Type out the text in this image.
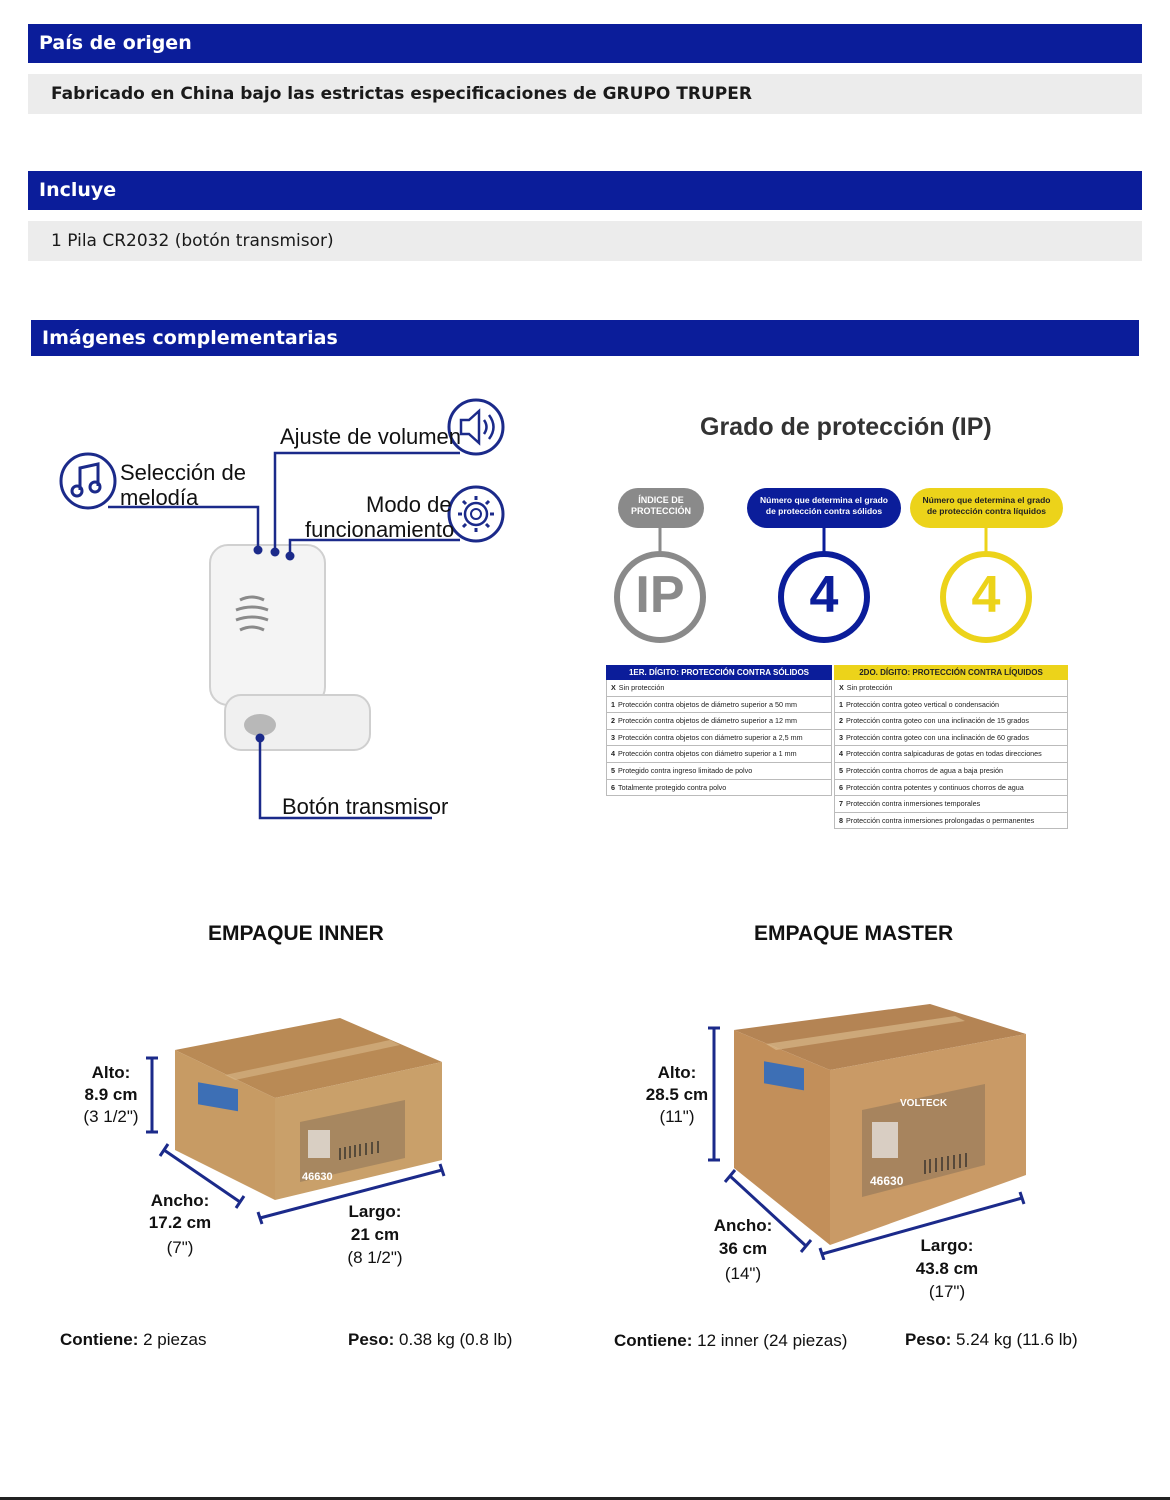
País de origen
Fabricado en China bajo las estrictas especificaciones de GRUPO TRUPER
Incluye
1 Pila CR2032 (botón transmisor)
Imágenes complementarias
Ajuste de volumen
Selección de
melodía	Modo de
funcionamiento
Botón transmisor
Grado de protección (IP)
ÍNDICE DE
PROTECCIÓN
Número que determina el grado
de protección contra sólidos
Número que determina el grado
de protección contra líquidos
IP	4	4
1ER. DÍGITO: PROTECCIÓN CONTRA SÓLIDOS
X Sin protección
1 Protección contra objetos de diámetro superior a 50 mm
2 Protección contra objetos de diámetro superior a 12 mm
3 Protección contra objetos con diámetro superior a 2,5 mm
4 Protección contra objetos con diámetro superior a 1 mm
5 Protegido contra ingreso limitado de polvo
6 Totalmente protegido contra polvo
2DO. DÍGITO: PROTECCIÓN CONTRA LÍQUIDOS
X Sin protección
1 Protección contra goteo vertical o condensación
2 Protección contra goteo con una inclinación de 15 grados
3 Protección contra goteo con una inclinación de 60 grados
4 Protección contra salpicaduras de gotas en todas direcciones
5 Protección contra chorros de agua a baja presión
6 Protección contra potentes y continuos chorros de agua
7 Protección contra inmersiones temporales
8 Protección contra inmersiones prolongadas o permanentes
EMPAQUE INNER	EMPAQUE MASTER
46630
Alto:
8.9 cm
(3 1/2")
Ancho:
17.2 cm
(7")
Largo:
21 cm
(8 1/2")
Contiene: 2 piezas	Peso: 0.38 kg (0.8 lb)
VOLTECK
46630
Alto:
28.5 cm
(11")
Ancho:
36 cm
(14")
Largo:
43.8 cm
(17")
Contiene: 12 inner (24 piezas)	Peso: 5.24 kg (11.6 lb)
